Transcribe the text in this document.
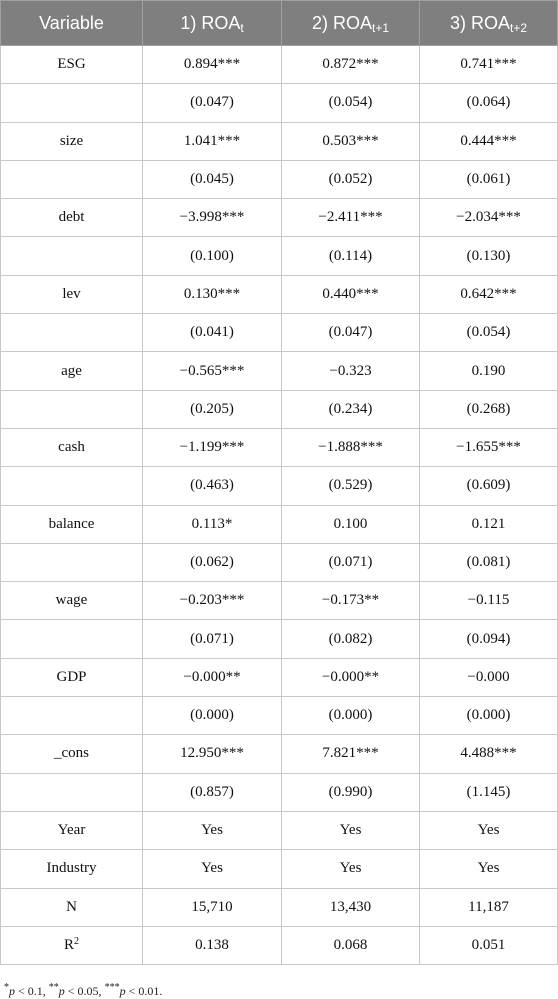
Variable	1) $ROA_t$	2) $ROA_{t+1}$	3) $ROA_{t+2}$
ESG	0.894***	0.872***	0.741***
	(0.047)	(0.054)	(0.064)
size	1.041***	0.503***	0.444***
	(0.045)	(0.052)	(0.061)
debt	−3.998***	−2.411***	−2.034***
	(0.100)	(0.114)	(0.130)
lev	0.130***	0.440***	0.642***
	(0.041)	(0.047)	(0.054)
age	−0.565***	−0.323	0.190
	(0.205)	(0.234)	(0.268)
cash	−1.199***	−1.888***	−1.655***
	(0.463)	(0.529)	(0.609)
balance	0.113*	0.100	0.121
	(0.062)	(0.071)	(0.081)
wage	−0.203***	−0.173**	−0.115
	(0.071)	(0.082)	(0.094)
GDP	−0.000**	−0.000**	−0.000
	(0.000)	(0.000)	(0.000)
_cons	12.950***	7.821***	4.488***
	(0.857)	(0.990)	(1.145)
Year	Yes	Yes	Yes
Industry	Yes	Yes	Yes
N	15,710	13,430	11,187
$R^2$	0.138	0.068	0.051
*p < 0.1, **p < 0.05, ***p < 0.01.
